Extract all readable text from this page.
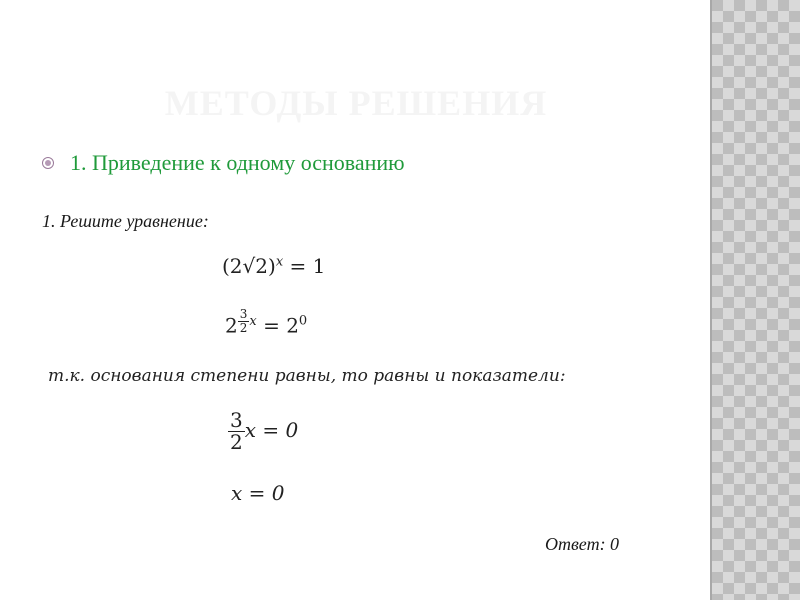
МЕТОДЫ РЕШЕНИЯ
1. Приведение к одному основанию
1. Решите уравнение:
$(2√2)^x = 1$
2 $^{\frac{3}{2} x} = 2^0$
т.к. основания степени равны, то равны и показатели:
$\frac{3}{2}$ x = 0
x = 0
Ответ: 0
